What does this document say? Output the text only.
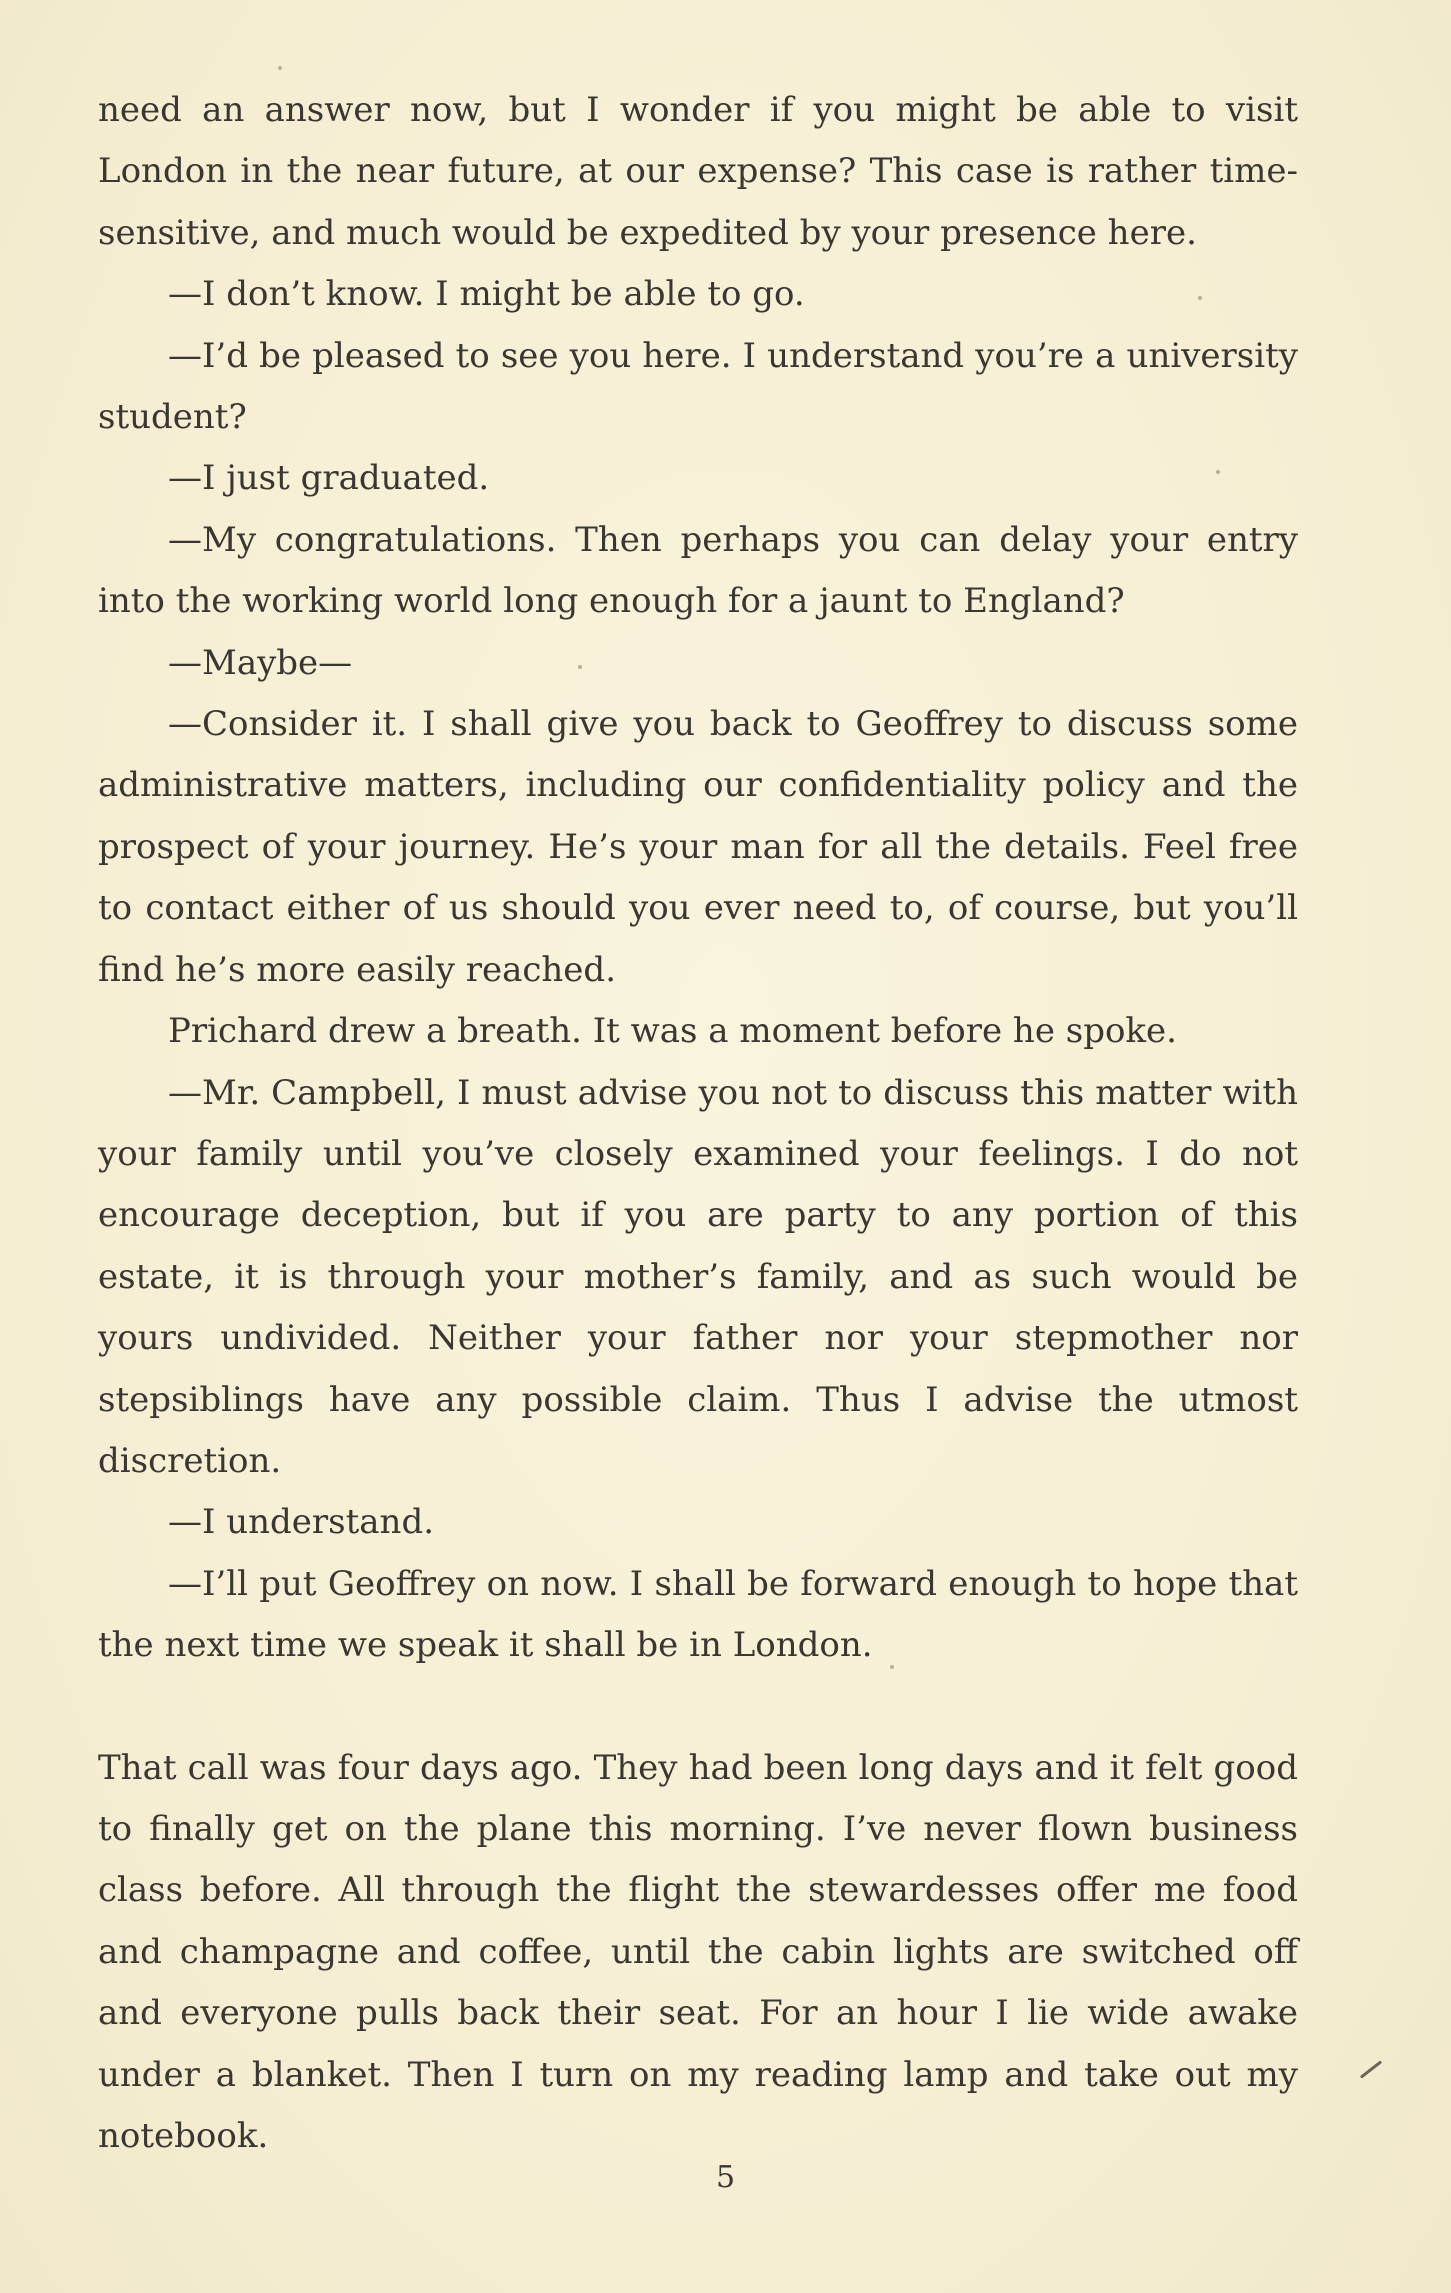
need an answer now, but I wonder if you might be able to visit London in the near future, at our expense? This case is rather time-sensitive, and much would be expedited by your presence here.

—I don’t know. I might be able to go.

—I’d be pleased to see you here. I understand you’re a university student?

—I just graduated.

—My congratulations. Then perhaps you can delay your entry into the working world long enough for a jaunt to England?

—Maybe—

—Consider it. I shall give you back to Geoffrey to discuss some administrative matters, including our confidentiality policy and the prospect of your journey. He’s your man for all the details. Feel free to contact either of us should you ever need to, of course, but you’ll find he’s more easily reached.

Prichard drew a breath. It was a moment before he spoke.

—Mr. Campbell, I must advise you not to discuss this matter with your family until you’ve closely examined your feelings. I do not encourage deception, but if you are party to any portion of this estate, it is through your mother’s family, and as such would be yours undivided. Neither your father nor your stepmother nor stepsiblings have any possible claim. Thus I advise the utmost discretion.

—I understand.

—I’ll put Geoffrey on now. I shall be forward enough to hope that the next time we speak it shall be in London.

That call was four days ago. They had been long days and it felt good to finally get on the plane this morning. I’ve never flown business class before. All through the flight the stewardesses offer me food and champagne and coffee, until the cabin lights are switched off and everyone pulls back their seat. For an hour I lie wide awake under a blanket. Then I turn on my reading lamp and take out my notebook.

5
